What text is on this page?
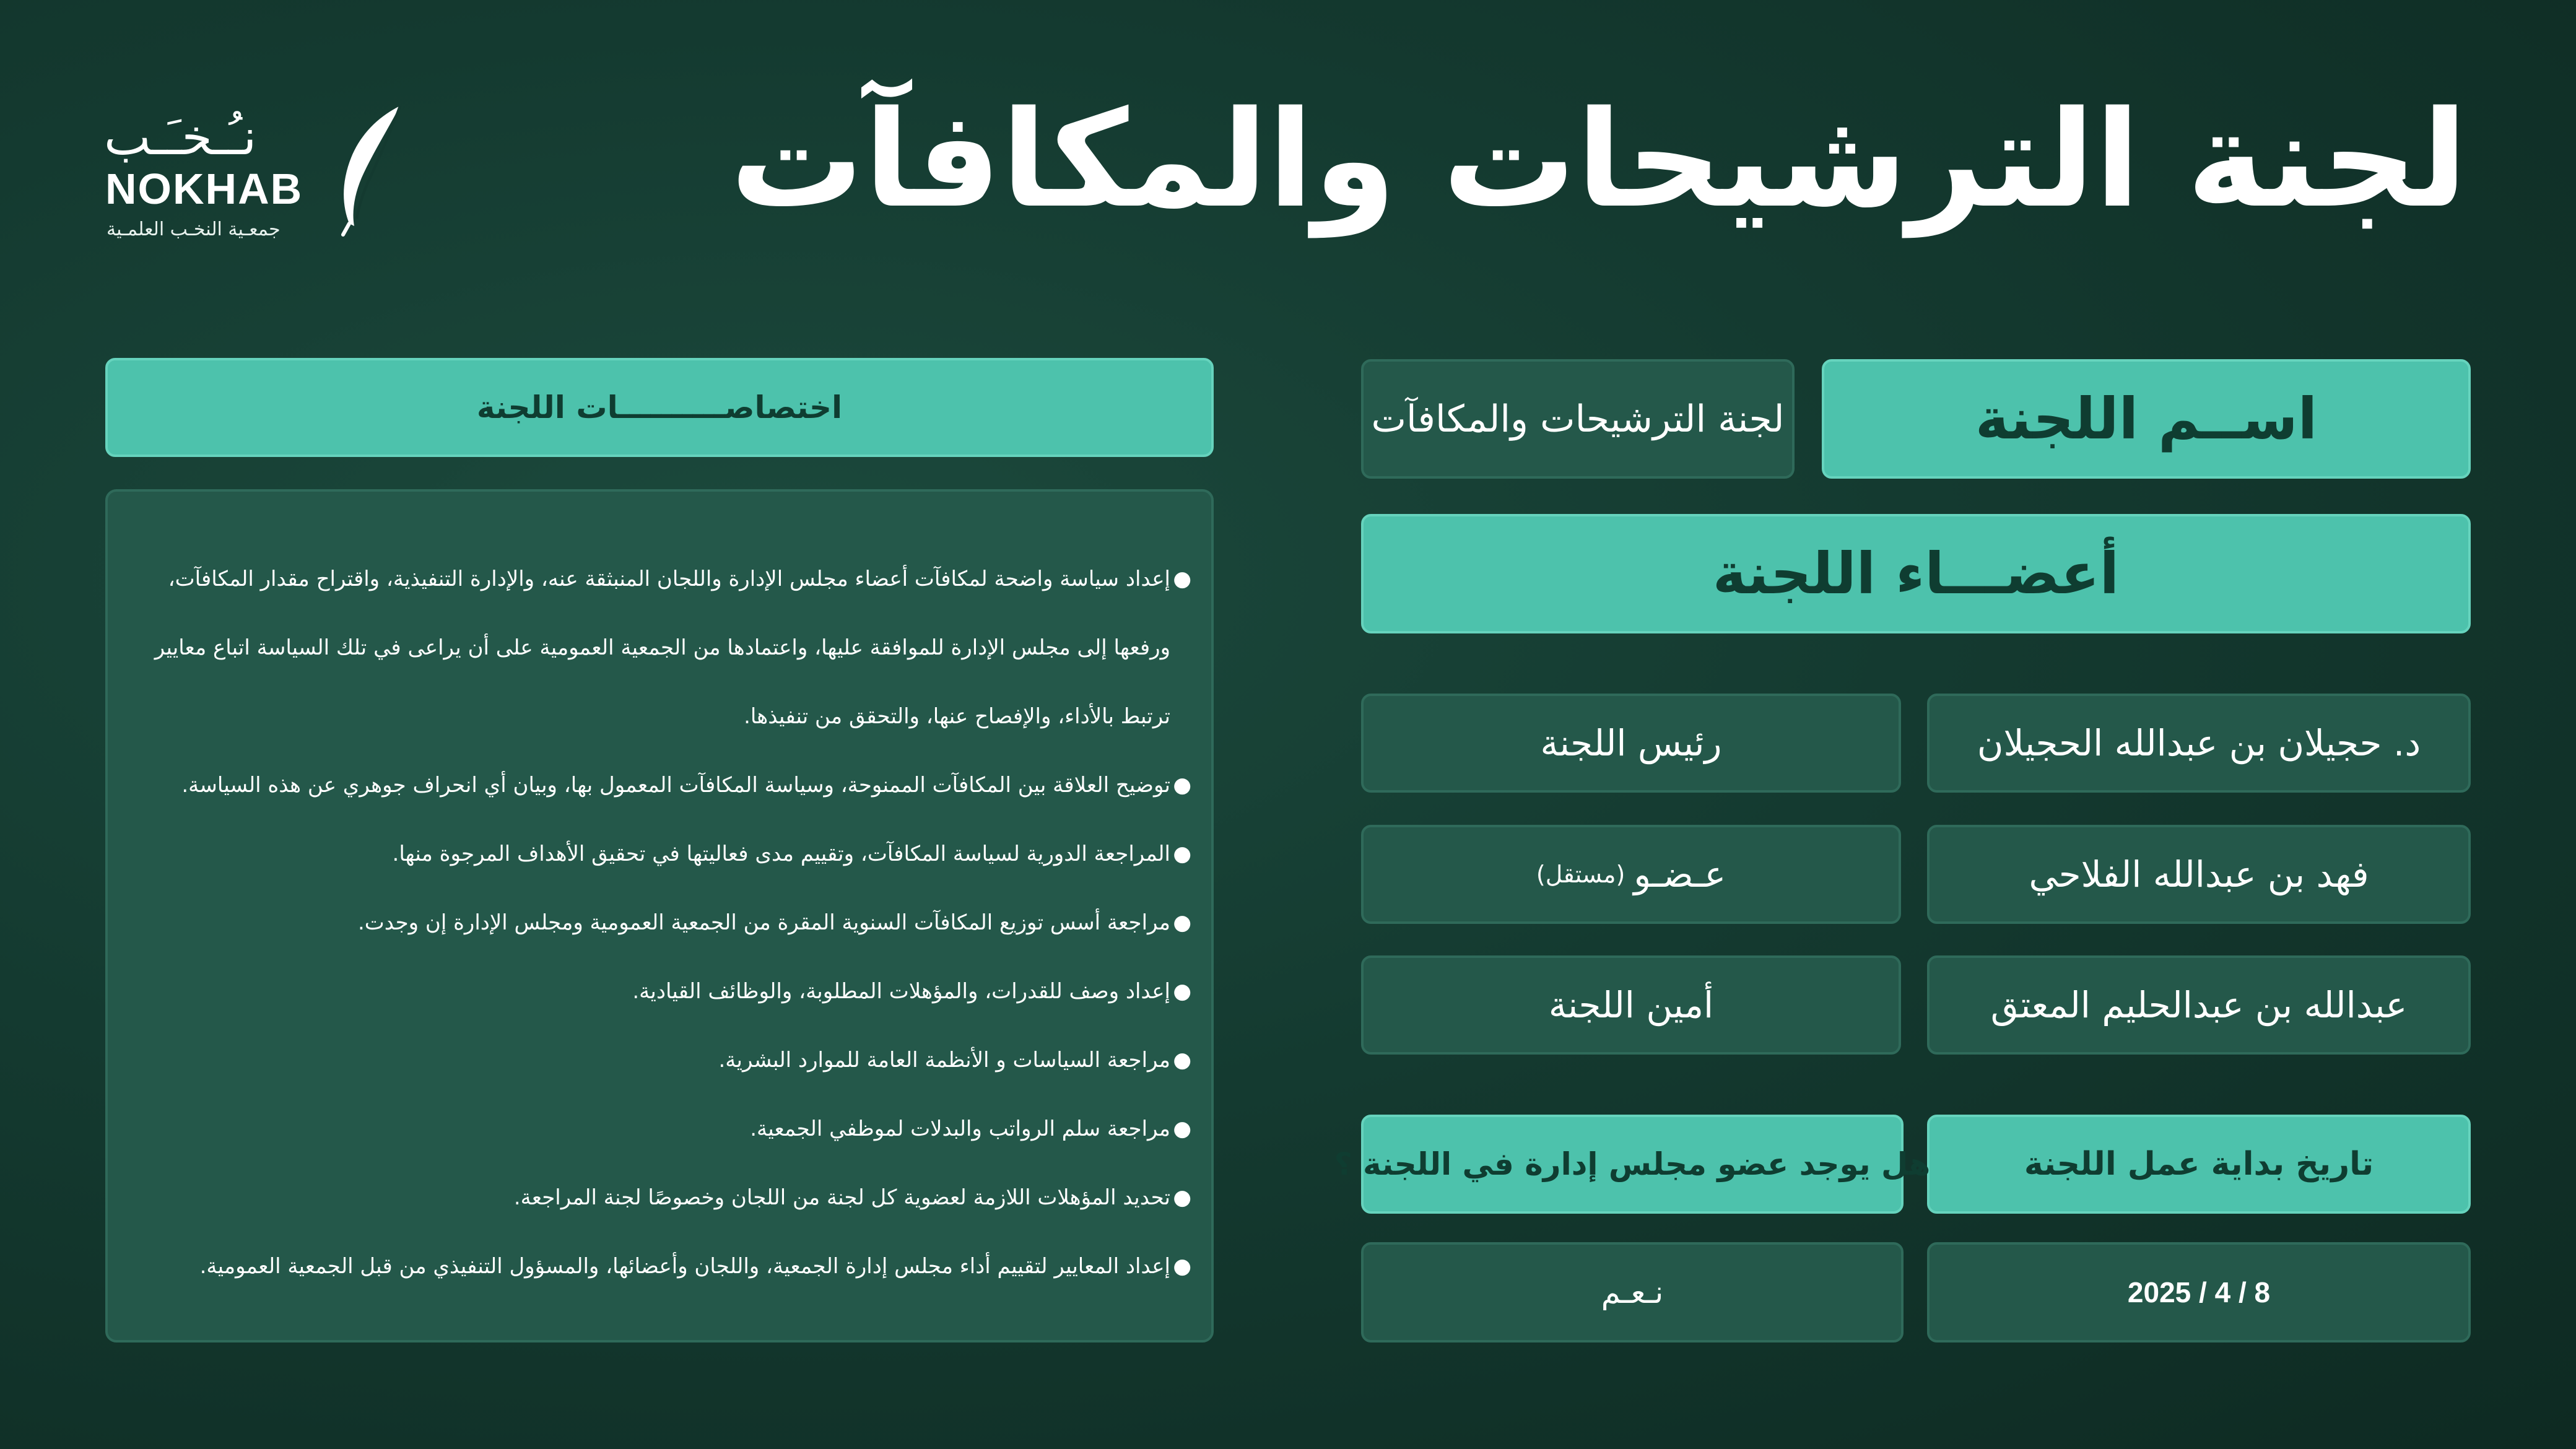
لجنة الترشيحات والمكافآت
نـُـخـَـب
NOKHAB
جمعـية النخـب العلمـية
اســم اللجنة
لجنة الترشيحات والمكافآت
أعضـــاء اللجنة
د. حجيلان بن عبدالله الحجيلان
رئيس اللجنة
فهد بن عبدالله الفلاحي
عـضـو
(مستقل)
عبدالله بن عبدالحليم المعتق
أمين اللجنة
تاريخ بداية عمل اللجنة
هل يوجد عضو مجلس إدارة في اللجنة ؟
2025 / 4 / 8
نـعـم
اختصاصــــــــــات اللجنة
●
إعداد سياسة واضحة لمكافآت أعضاء مجلس الإدارة واللجان المنبثقة عنه، والإدارة التنفيذية، واقتراح مقدار المكافآت،
ورفعها إلى مجلس الإدارة للموافقة عليها، واعتمادها من الجمعية العمومية على أن يراعى في تلك السياسة اتباع معايير
ترتبط بالأداء، والإفصاح عنها، والتحقق من تنفيذها.
●
توضيح العلاقة بين المكافآت الممنوحة، وسياسة المكافآت المعمول بها، وبيان أي انحراف جوهري عن هذه السياسة.
●
المراجعة الدورية لسياسة المكافآت، وتقييم مدى فعاليتها في تحقيق الأهداف المرجوة منها.
●
مراجعة أسس توزيع المكافآت السنوية المقرة من الجمعية العمومية ومجلس الإدارة إن وجدت.
●
إعداد وصف للقدرات، والمؤهلات المطلوبة، والوظائف القيادية.
●
مراجعة السياسات و الأنظمة العامة للموارد البشرية.
●
مراجعة سلم الرواتب والبدلات لموظفي الجمعية.
●
تحديد المؤهلات اللازمة لعضوية كل لجنة من اللجان وخصوصًا لجنة المراجعة.
●
إعداد المعايير لتقييم أداء مجلس إدارة الجمعية، واللجان وأعضائها، والمسؤول التنفيذي من قبل الجمعية العمومية.
